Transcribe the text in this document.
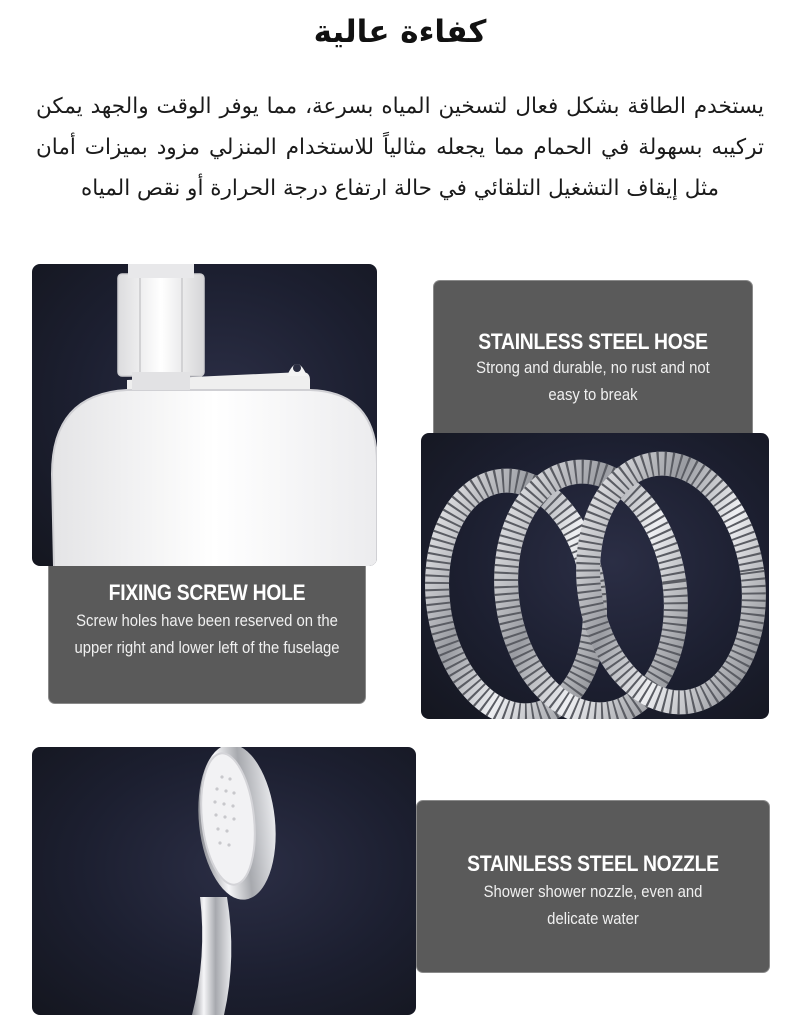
كفاءة عالية

يستخدم الطاقة بشكل فعال لتسخين المياه بسرعة، مما يوفر الوقت والجهد يمكن تركيبه بسهولة في الحمام مما يجعله مثالياً للاستخدام المنزلي مزود بميزات أمان مثل إيقاف التشغيل التلقائي في حالة ارتفاع درجة الحرارة أو نقص المياه

FIXING SCREW HOLE
Screw holes have been reserved on the upper right and lower left of the fuselage
STAINLESS STEEL HOSE
Strong and durable, no rust and not easy to break
STAINLESS STEEL NOZZLE
Shower shower nozzle, even and delicate water
